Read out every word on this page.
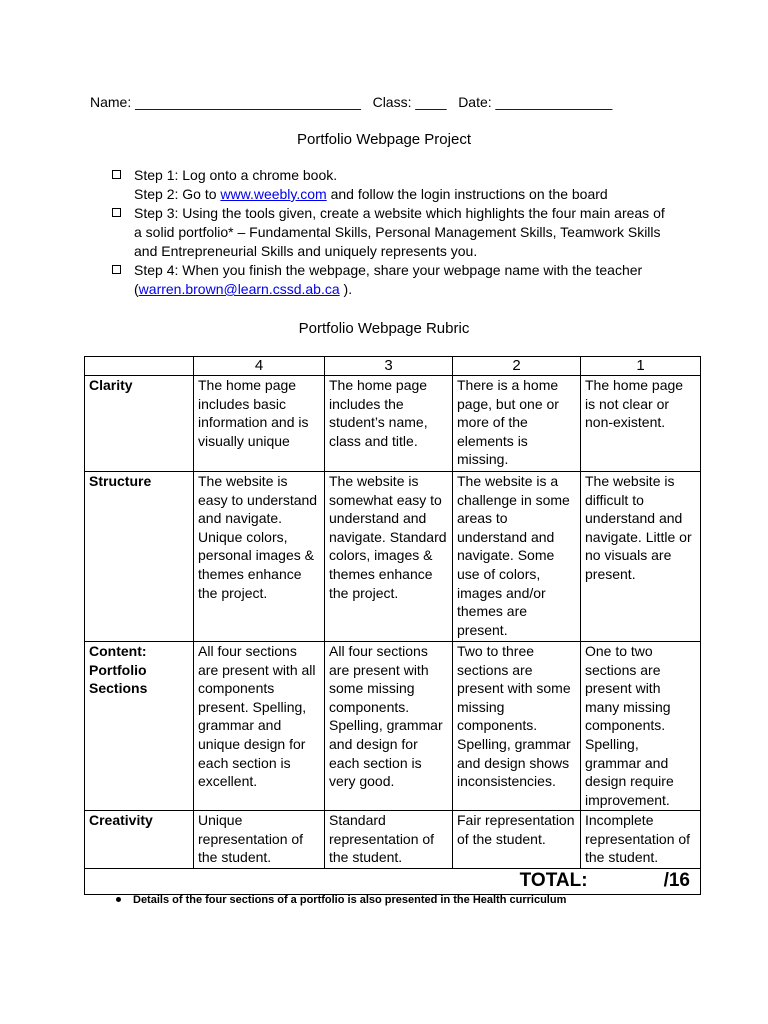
Name: _____________________________   Class: ____   Date: _______________
Portfolio Webpage Project
Step 1: Log onto a chrome book.
Step 2: Go to www.weebly.com and follow the login instructions on the board
Step 3: Using the tools given, create a website which highlights the four main areas of a solid portfolio* – Fundamental Skills, Personal Management Skills, Teamwork Skills and Entrepreneurial Skills and uniquely represents you.
Step 4: When you finish the webpage, share your webpage name with the teacher (warren.brown@learn.cssd.ab.ca ).
Portfolio Webpage Rubric
	4	3	2	1
Clarity	The home page includes basic information and is visually unique	The home page includes the student’s name, class and title.	There is a home page, but one or more of the elements is missing.	The home page is not clear or non-existent.
Structure	The website is easy to understand and navigate. Unique colors, personal images & themes enhance the project.	The website is somewhat easy to understand and navigate. Standard colors, images & themes enhance the project.	The website is a challenge in some areas to understand and navigate. Some use of colors, images and/or themes are present.	The website is difficult to understand and navigate. Little or no visuals are present.
Content: Portfolio Sections	All four sections are present with all components present. Spelling, grammar and unique design for each section is excellent.	All four sections are present with some missing components. Spelling, grammar and design for each section is very good.	Two to three sections are present with some missing components. Spelling, grammar and design shows inconsistencies.	One to two sections are present with many missing components. Spelling, grammar and design require improvement.
Creativity	Unique representation of the student.	Standard representation of the student.	Fair representation of the student.	Incomplete representation of the student.
TOTAL: /16				
Details of the four sections of a portfolio is also presented in the Health curriculum
